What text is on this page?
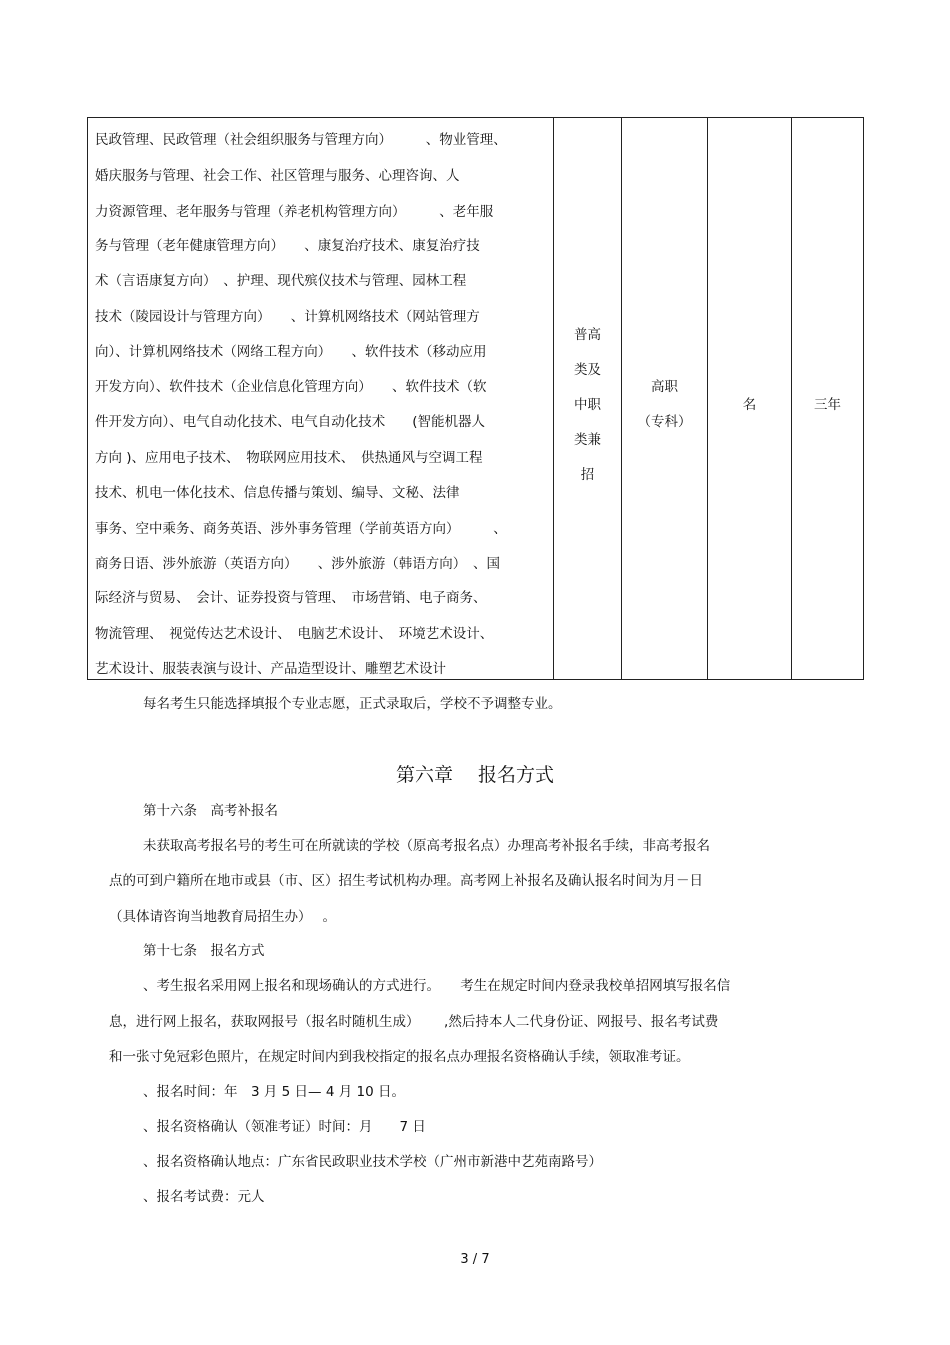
民政管理、民政管理（社会组织服务与管理方向）　　　、物业管理、
婚庆服务与管理、社会工作、社区管理与服务、心理咨询、人
力资源管理、老年服务与管理（养老机构管理方向）　　　、老年服
务与管理（老年健康管理方向）　　、康复治疗技术、康复治疗技
术（言语康复方向）　、护理、现代殡仪技术与管理、园林工程
技术（陵园设计与管理方向）　　、计算机网络技术（网站管理方
向）、计算机网络技术（网络工程方向）　　、软件技术（移动应用
开发方向）、软件技术（企业信息化管理方向）　　、软件技术（软
件开发方向）、电气自动化技术、电气自动化技术　　(智能机器人
方向 )、应用电子技术、　物联网应用技术、　供热通风与空调工程
技术、机电一体化技术、信息传播与策划、编导、文秘、法律
事务、空中乘务、商务英语、涉外事务管理（学前英语方向）　　　、
商务日语、涉外旅游（英语方向）　　、涉外旅游（韩语方向）　、国
际经济与贸易、　会计、证券投资与管理、　市场营销、电子商务、
物流管理、　视觉传达艺术设计、　电脑艺术设计、　环境艺术设计、
艺术设计、服装表演与设计、产品造型设计、雕塑艺术设计
普高
类及
中职
类兼
招
高职
（专科）
名	三年
每名考生只能选择填报个专业志愿，正式录取后，学校不予调整专业。
第六章　 报名方式
第十六条　高考补报名
未获取高考报名号的考生可在所就读的学校（原高考报名点）办理高考补报名手续，非高考报名
点的可到户籍所在地市或县（市、区）招生考试机构办理。高考网上补报名及确认报名时间为月－日
（具体请咨询当地教育局招生办）　 。
第十七条　报名方式
、考生报名采用网上报名和现场确认的方式进行。　　考生在规定时间内登录我校单招网填写报名信
息，进行网上报名，获取网报号（报名时随机生成）　　 ,然后持本人二代身份证、网报号、报名考试费
和一张寸免冠彩色照片，在规定时间内到我校指定的报名点办理报名资格确认手续，领取准考证。
、报名时间：年　3 月 5 日— 4 月 10 日。
、报名资格确认（领准考证）时间：月　　7 日
、报名资格确认地点：广东省民政职业技术学校（广州市新港中艺苑南路号）
、报名考试费：元人
3 / 7
